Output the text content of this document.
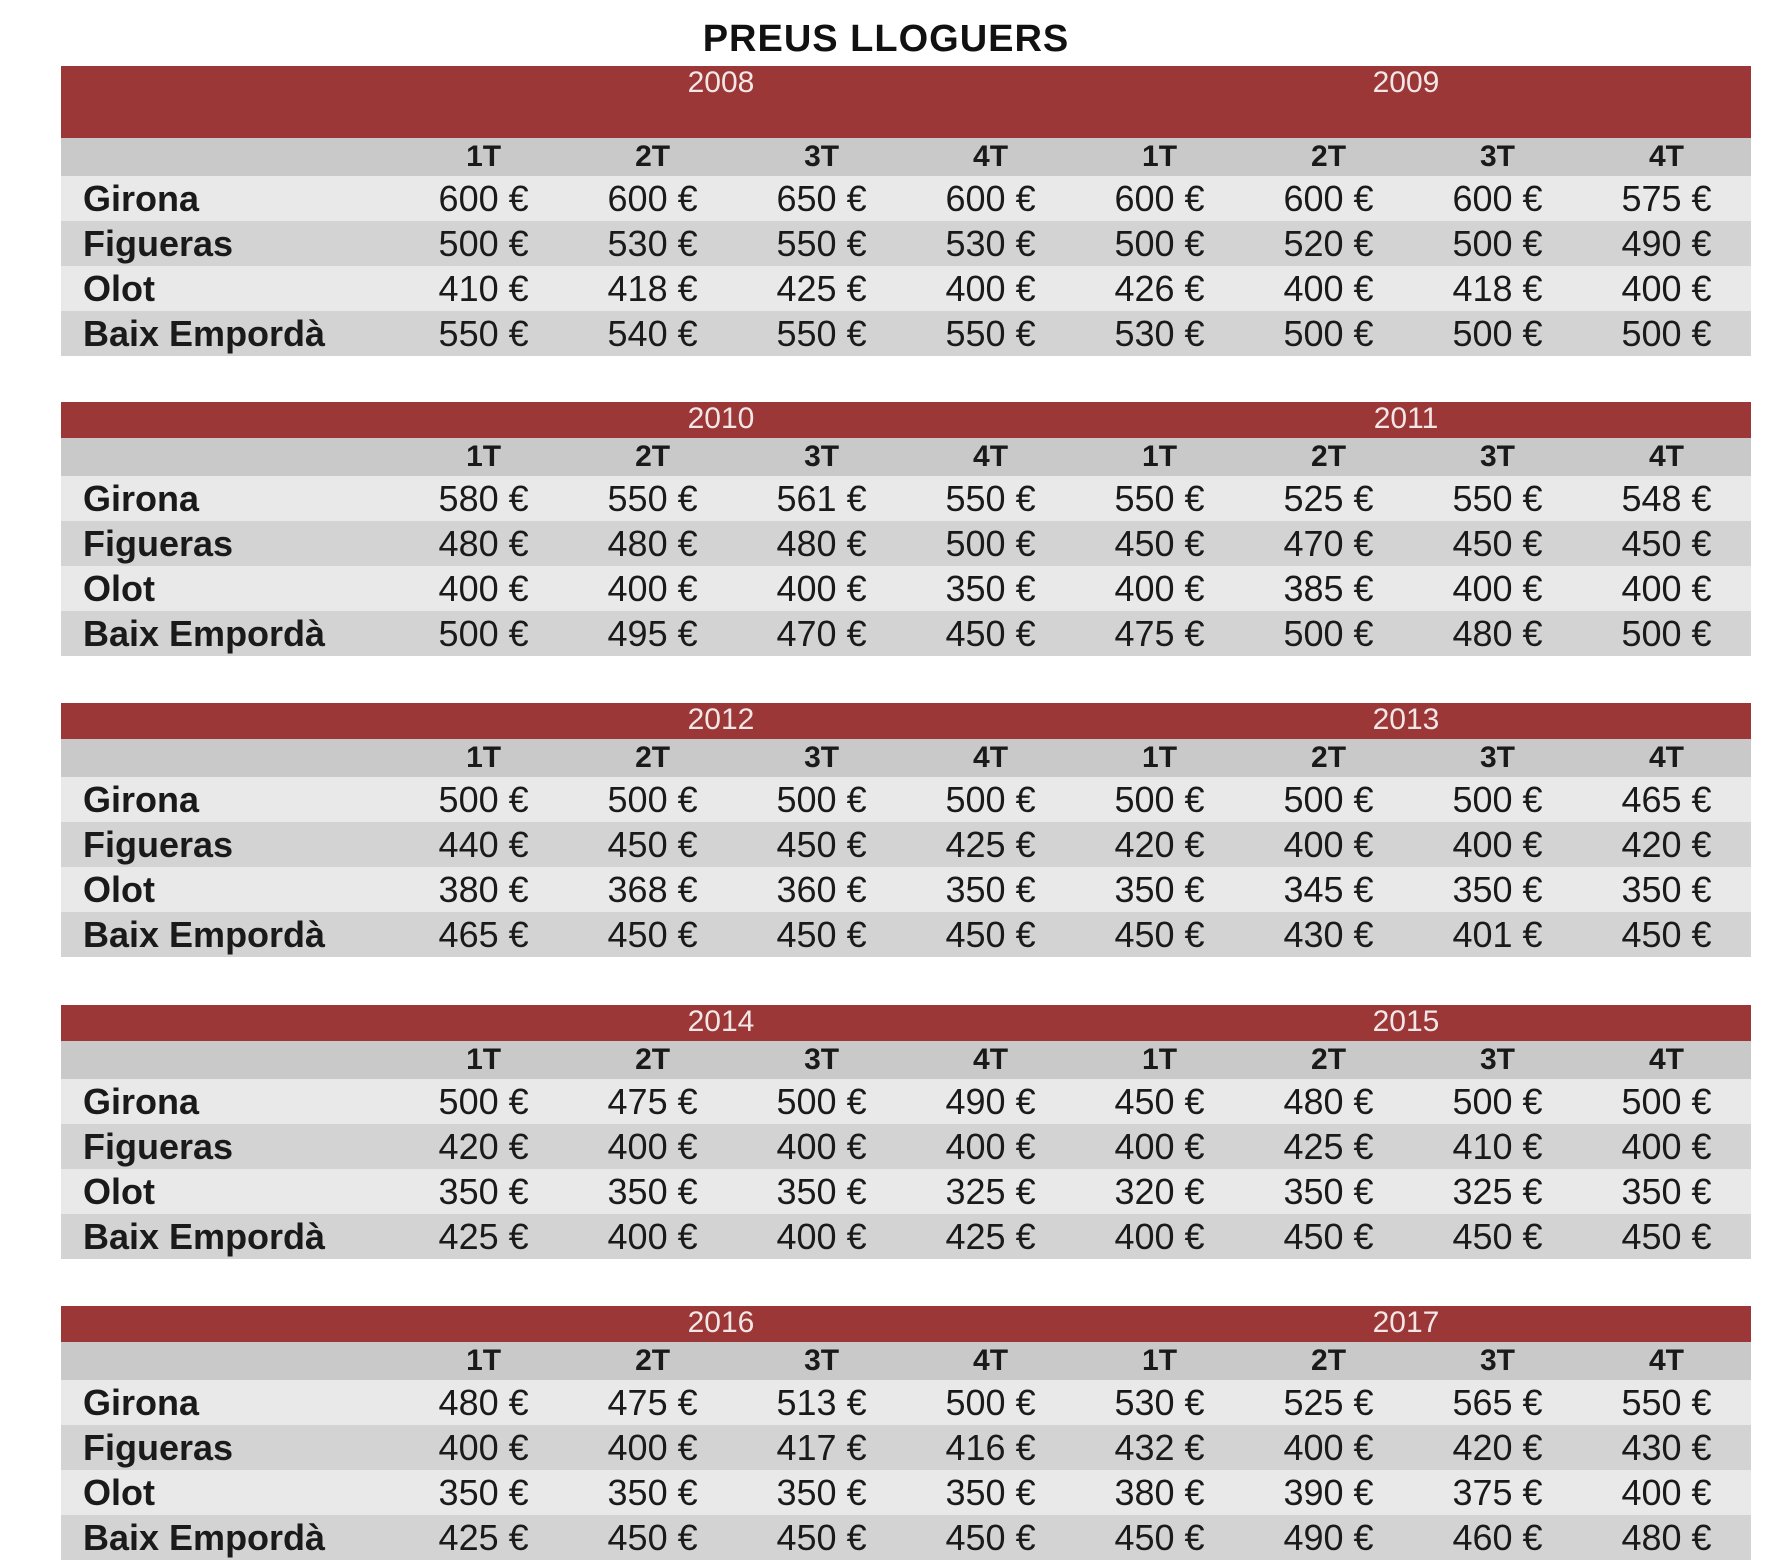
PREUS LLOGUERS
2008	2009
1T	2T	3T	4T	1T	2T	3T	4T
Girona	600 €	600 €	650 €	600 €	600 €	600 €	600 €	575 €
Figueras	500 €	530 €	550 €	530 €	500 €	520 €	500 €	490 €
Olot	410 €	418 €	425 €	400 €	426 €	400 €	418 €	400 €
Baix Empordà	550 €	540 €	550 €	550 €	530 €	500 €	500 €	500 €
2010	2011
1T	2T	3T	4T	1T	2T	3T	4T
Girona	580 €	550 €	561 €	550 €	550 €	525 €	550 €	548 €
Figueras	480 €	480 €	480 €	500 €	450 €	470 €	450 €	450 €
Olot	400 €	400 €	400 €	350 €	400 €	385 €	400 €	400 €
Baix Empordà	500 €	495 €	470 €	450 €	475 €	500 €	480 €	500 €
2012	2013
1T	2T	3T	4T	1T	2T	3T	4T
Girona	500 €	500 €	500 €	500 €	500 €	500 €	500 €	465 €
Figueras	440 €	450 €	450 €	425 €	420 €	400 €	400 €	420 €
Olot	380 €	368 €	360 €	350 €	350 €	345 €	350 €	350 €
Baix Empordà	465 €	450 €	450 €	450 €	450 €	430 €	401 €	450 €
2014	2015
1T	2T	3T	4T	1T	2T	3T	4T
Girona	500 €	475 €	500 €	490 €	450 €	480 €	500 €	500 €
Figueras	420 €	400 €	400 €	400 €	400 €	425 €	410 €	400 €
Olot	350 €	350 €	350 €	325 €	320 €	350 €	325 €	350 €
Baix Empordà	425 €	400 €	400 €	425 €	400 €	450 €	450 €	450 €
2016	2017
1T	2T	3T	4T	1T	2T	3T	4T
Girona	480 €	475 €	513 €	500 €	530 €	525 €	565 €	550 €
Figueras	400 €	400 €	417 €	416 €	432 €	400 €	420 €	430 €
Olot	350 €	350 €	350 €	350 €	380 €	390 €	375 €	400 €
Baix Empordà	425 €	450 €	450 €	450 €	450 €	490 €	460 €	480 €
